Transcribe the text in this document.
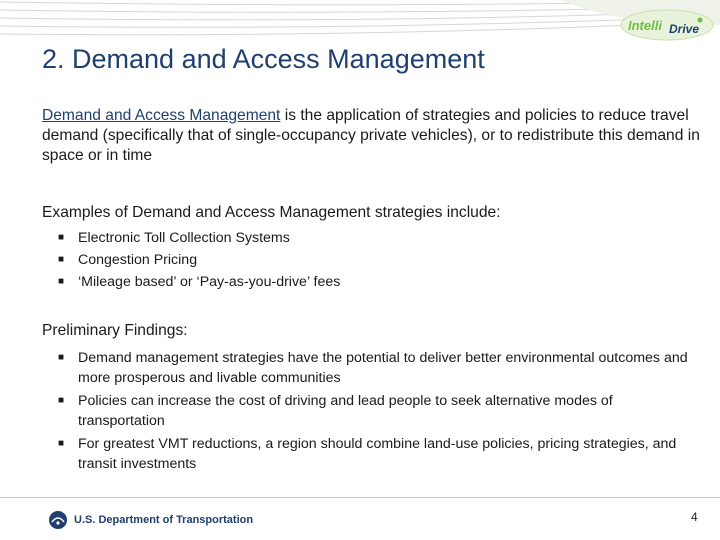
Intelli Drive
2. Demand and Access Management
Demand and Access Management is the application of strategies and policies to reduce travel demand (specifically that of single-occupancy private vehicles), or to redistribute this demand in space or in time
Examples of Demand and Access Management strategies include:
■ Electronic Toll Collection Systems
■ Congestion Pricing
■ ‘Mileage based’ or ‘Pay-as-you-drive’ fees
Preliminary Findings:
■ Demand management strategies have the potential to deliver better environmental outcomes and more prosperous and livable communities
■ Policies can increase the cost of driving and lead people to seek alternative modes of transportation
■ For greatest VMT reductions, a region should combine land-use policies, pricing strategies, and transit investments
U.S. Department of Transportation	4
